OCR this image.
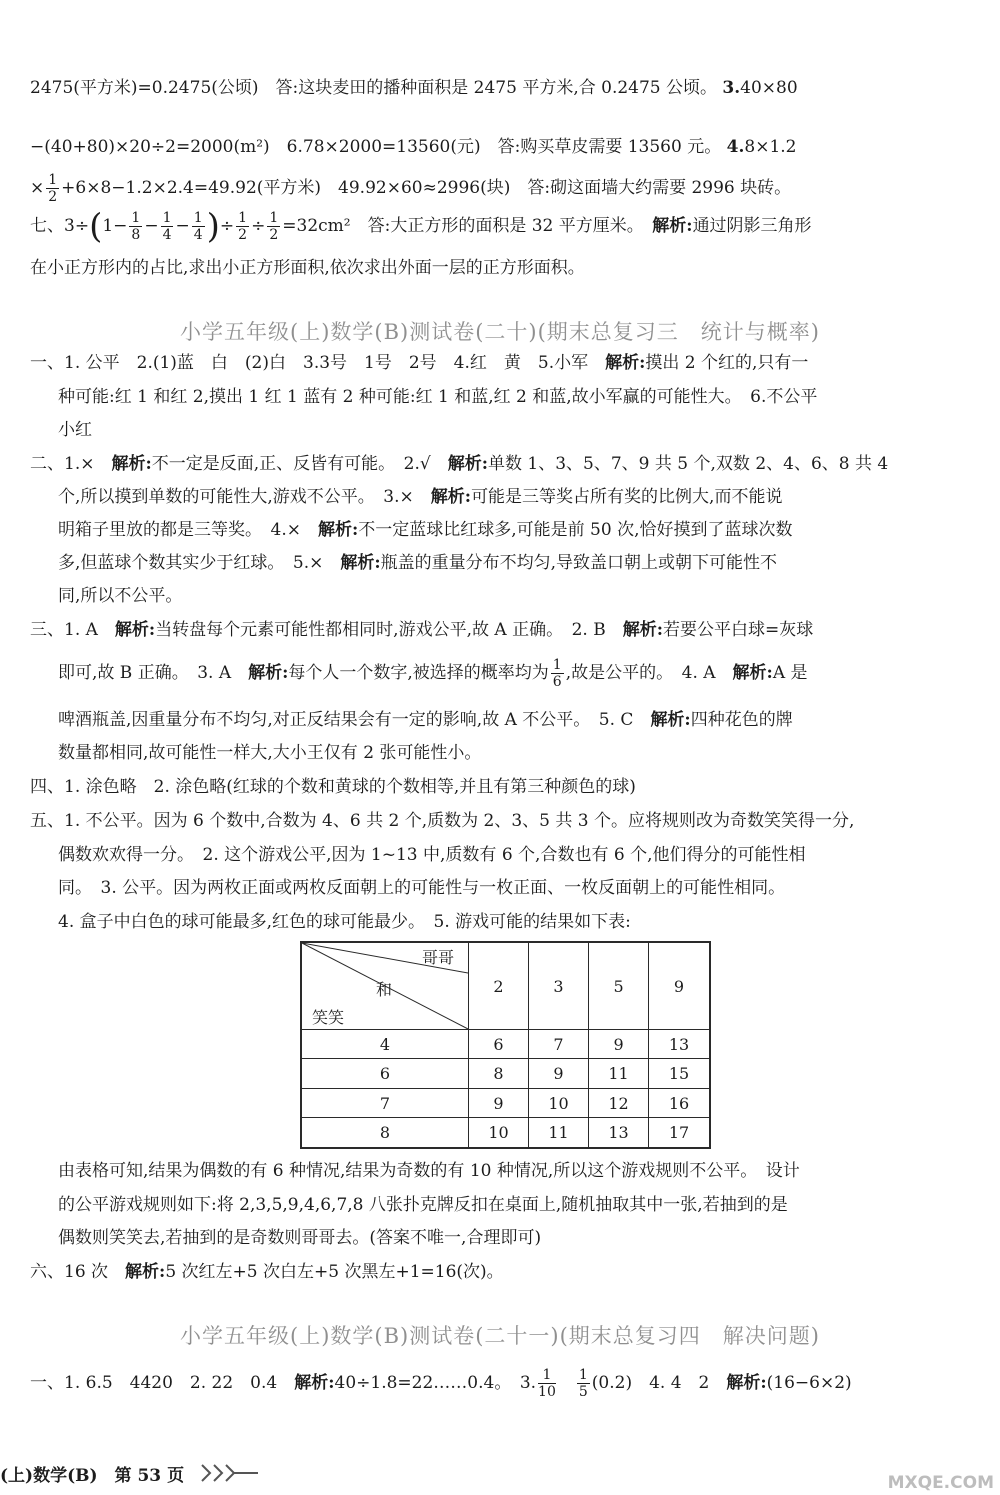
2475(平方米)=0.2475(公顷)　答:这块麦田的播种面积是 2475 平方米,合 0.2475 公顷。 3.40×80
−(40+80)×20÷2=2000(m²)　6.78×2000=13560(元)　答:购买草皮需要 13560 元。 4.8×1.2
× $\frac{1}{2} +6\times 8-1.2\times 2.4=49.92$(平方米)　49.92×60≈2996(块)　答:砌这面墙大约需要 2996 块砖。
七、$3\div(1- \frac{1}{8} - \frac{1}{4} - \frac{1}{4}$ )÷ $\frac{1}{2} \div \frac{1}{2} =32cm^2$　 答:大正方形的面积是 32 平方厘米。　 解析:通过阴影三角形
在小正方形内的占比,求出小正方形面积,依次求出外面一层的正方形面积。
小学五年级(上)数学(B)测试卷(二十)(期末总复习三　统计与概率)
一、1. 公平　2.(1)蓝　白　(2)白　3.3号　1号　2号　4.红　黄　5.小军　 解析:摸出 2 个红的,只有一
种可能:红 1 和红 2,摸出 1 红 1 蓝有 2 种可能:红 1 和蓝,红 2 和蓝,故小军赢的可能性大。　6.不公平
小红
二、1.×　解析:不一定是反面,正、反皆有可能。　2.√　解析:单数 1、3、5、7、9 共 5 个,双数 2、4、6、8 共 4
个,所以摸到单数的可能性大,游戏不公平。　3.×　解析:可能是三等奖占所有奖的比例大,而不能说
明箱子里放的都是三等奖。　4.×　解析:不一定蓝球比红球多,可能是前 50 次,恰好摸到了蓝球次数
多,但蓝球个数其实少于红球。　5.×　解析:瓶盖的重量分布不均匀,导致盖口朝上或朝下可能性不
同,所以不公平。
三、1. A　解析:当转盘每个元素可能性都相同时,游戏公平,故 A 正确。　2. B　解析:若要公平白球=灰球
即可,故 B 正确。　3. A　解析:每个人一个数字,被选择的概率均为 $\frac{1}{6}$ ,故是公平的。　4. A　解析:A 是
啤酒瓶盖,因重量分布不均匀,对正反结果会有一定的影响,故 A 不公平。　5. C　解析:四种花色的牌
数量都相同,故可能性一样大,大小王仅有 2 张可能性小。
四、1. 涂色略　2. 涂色略(红球的个数和黄球的个数相等,并且有第三种颜色的球)
五、1. 不公平。因为 6 个数中,合数为 4、6 共 2 个,质数为 2、3、5 共 3 个。应将规则改为奇数笑笑得一分,
偶数欢欢得一分。　2. 这个游戏公平,因为 1~13 中,质数有 6 个,合数也有 6 个,他们得分的可能性相
同。　3. 公平。因为两枚正面或两枚反面朝上的可能性与一枚正面、一枚反面朝上的可能性相同。
4. 盒子中白色的球可能最多,红色的球可能最少。　5. 游戏可能的结果如下表:
哥哥
和
笑笑	2	3	5	9
4	6	7	9	13
6	8	9	11	15
7	9	10	12	16
8	10	11	13	17
由表格可知,结果为偶数的有 6 种情况,结果为奇数的有 10 种情况,所以这个游戏规则不公平。　设计
的公平游戏规则如下:将 2,3,5,9,4,6,7,8 八张扑克牌反扣在桌面上,随机抽取其中一张,若抽到的是
偶数则笑笑去,若抽到的是奇数则哥哥去。(答案不唯一,合理即可)
六、16 次　解析:5 次红左+5 次白左+5 次黑左+1=16(次)。
小学五年级(上)数学(B)测试卷(二十一)(期末总复习四　解决问题)
一、1. 6.5　4420　2. 22　0.4　解析:40÷1.8=22……0.4。　3. $\frac{1}{10}$
　 $\frac{1}{5} (0.2)$　4. 4　2　解析:(16−6×2)
(上)数学(B)　 第 53 页	MXQE.COM
